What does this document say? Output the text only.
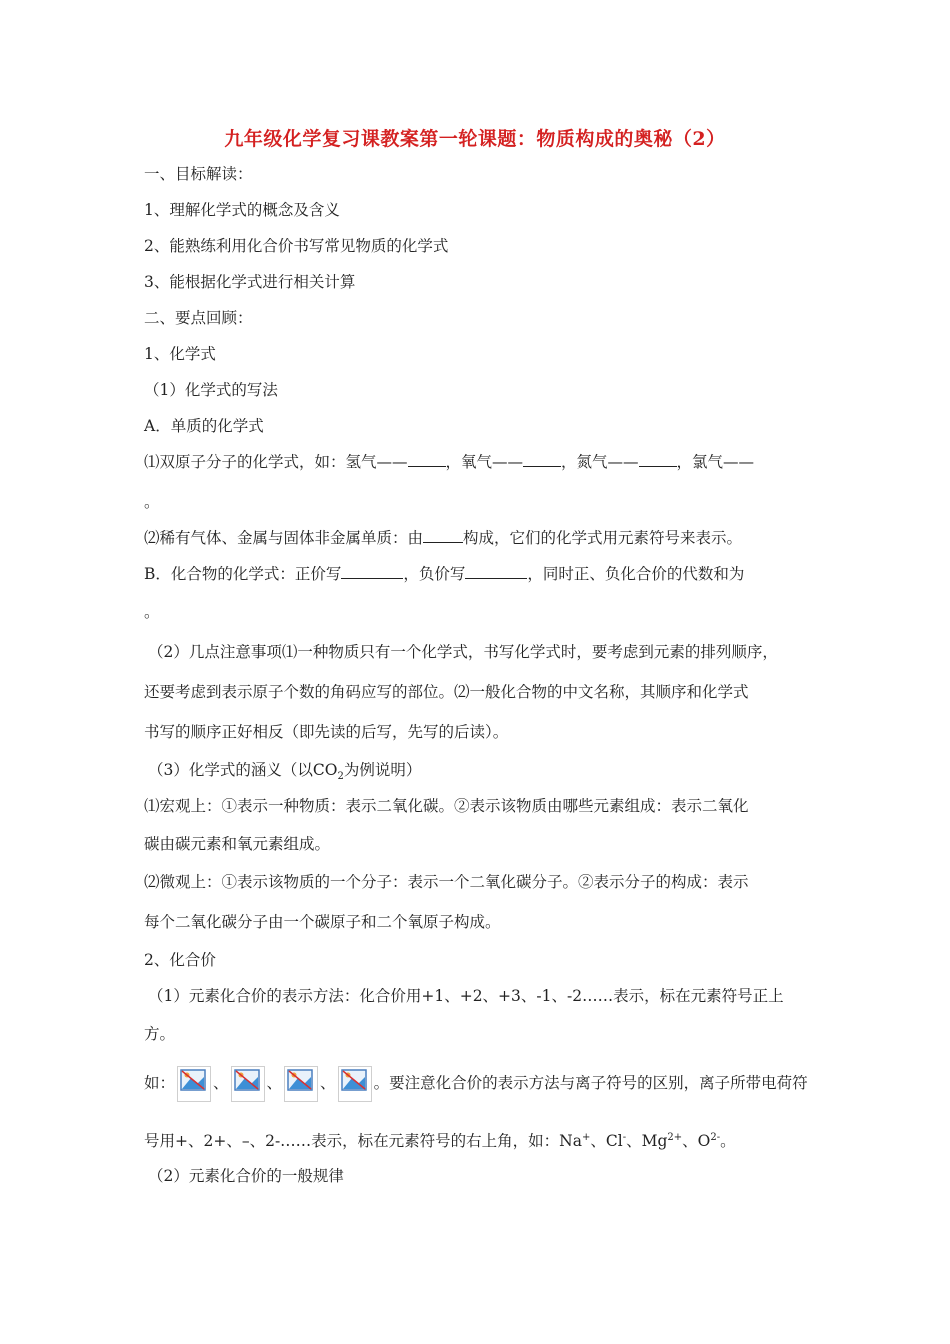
九年级化学复习课教案第一轮课题：物质构成的奥秘（2）
一、目标解读：
1、理解化学式的概念及含义
2、能熟练利用化合价书写常见物质的化学式
3、能根据化学式进行相关计算
二、要点回顾：
1、化学式
（1）化学式的写法
A．单质的化学式
⑴双原子分子的化学式，如：氢气—— ，氧气—— ，氮气—— ，氯气——
。
⑵稀有气体、金属与固体非金属单质：由	构成，它们的化学式用元素符号来表示。
B．化合物的化学式：正价写	，负价写	，同时正、负化合价的代数和为
。
（2）几点注意事项⑴一种物质只有一个化学式，书写化学式时，要考虑到元素的排列顺序，
还要考虑到表示原子个数的角码应写的部位。⑵一般化合物的中文名称，其顺序和化学式
书写的顺序正好相反（即先读的后写，先写的后读）。
（3）化学式的涵义（以$CO_2$为例说明）
⑴宏观上：①表示一种物质：表示二氧化碳。②表示该物质由哪些元素组成：表示二氧化
碳由碳元素和氧元素组成。
⑵微观上：①表示该物质的一个分子：表示一个二氧化碳分子。②表示分子的构成：表示
每个二氧化碳分子由一个碳原子和二个氧原子构成。
2、化合价
（1）元素化合价的表示方法：化合价用+1、+2、+3、-1、-2……表示，标在元素符号正上
方。
如： 、 、 、 。要注意化合价的表示方法与离子符号的区别，离子所带电荷符
号用+、2+、–、2-……表示，标在元素符号的右上角，如：Na+、Cl-、$Mg^{2+}$、$O^{2-}$。
（2）元素化合价的一般规律
